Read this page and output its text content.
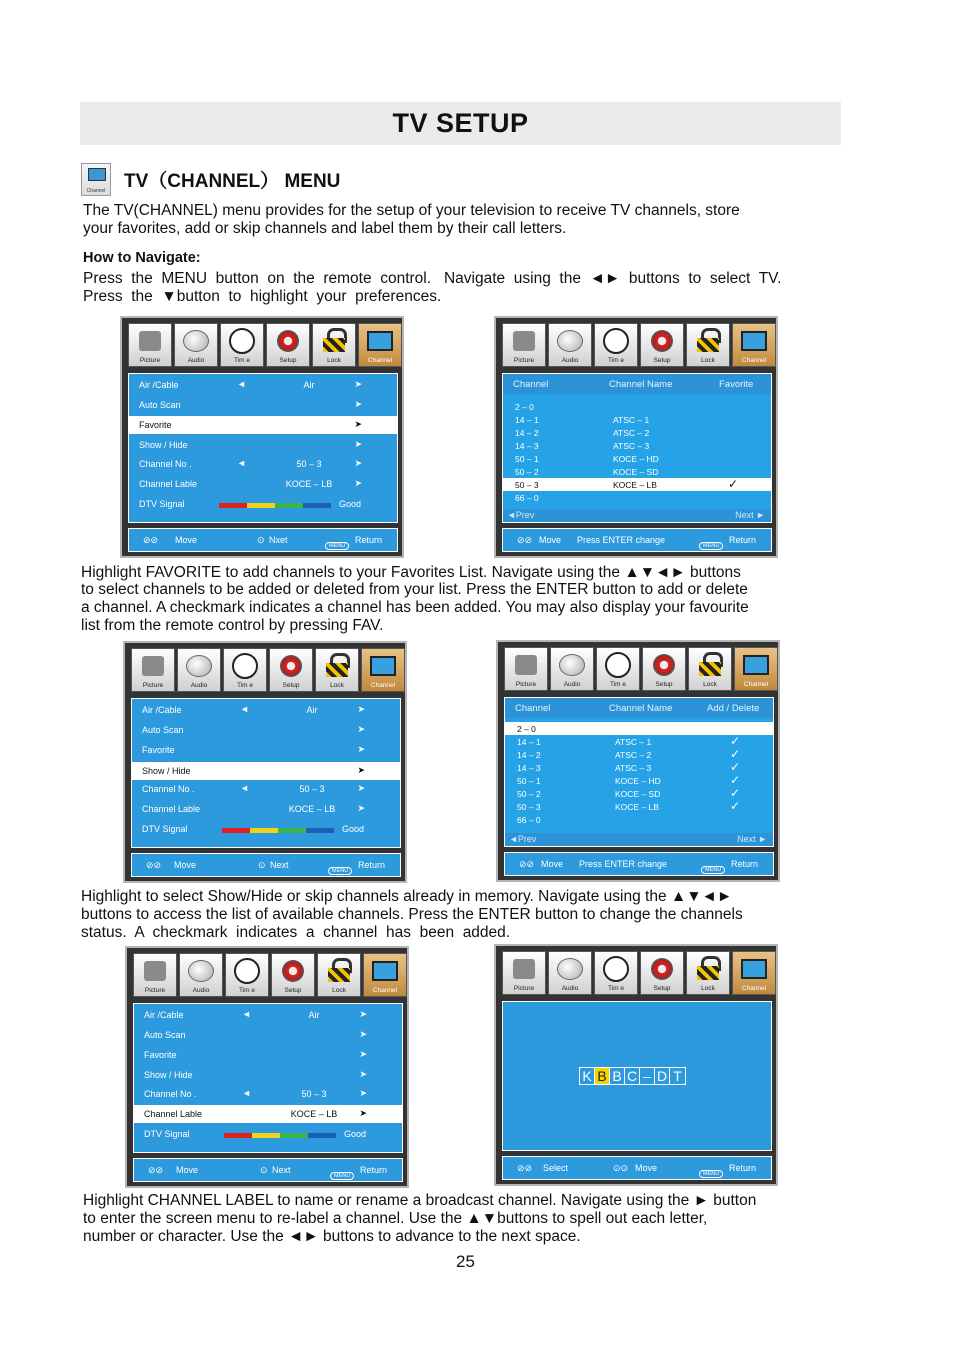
TV SETUP
Channel TV（CHANNEL） MENU
The TV(CHANNEL) menu provides for the setup of your television to receive TV channels, store
your favorites, add or skip channels and label them by their call letters.
How to Navigate:
Press  the  MENU  button  on  the  remote  control.   Navigate  using  the  ◄►  buttons  to  select  TV.
Press  the  ▼button  to  highlight  your  preferences.
Highlight FAVORITE to add channels to your Favorites List. Navigate using the ▲▼◄► buttons
to select channels to be added or deleted from your list. Press the ENTER button to add or delete
a channel. A checkmark indicates a channel has been added. You may also display your favourite
list from the remote control by pressing FAV.
Highlight to select Show/Hide or skip channels already in memory. Navigate using the ▲▼◄►
buttons to access the list of available channels. Press the ENTER button to change the channels
status.  A  checkmark  indicates  a  channel  has  been  added.
Highlight CHANNEL LABEL to name or rename a broadcast channel. Navigate using the ► button
to enter the screen menu to re-label a channel. Use the ▲▼buttons to spell out each letter,
number or character. Use the ◄► buttons to advance to the next space.
25
Picture	Audio	Tim e	Setup	Lock	Channel
Air /Cable	◄	Air	➤
Auto Scan	➤
Favorite	➤
Show / Hide	➤
Channel No .	◄	50 – 3	➤
Channel Lable	KOCE – LB	➤
DTV Signal	Good
⊘⊘ Move	⊙ Nxet
MENU
Return
Picture	Audio	Tim e	Setup	Lock	Channel
Channel	Channel Name	Favorite
2 – 0
14 – 1	ATSC – 1
14 – 2	ATSC – 2
14 – 3	ATSC – 3
50 – 1	KOCE – HD
50 – 2	KOCE – SD
50 – 3	KOCE – LB	✓
66 – 0
◄Prev	Next ►
⊘⊘ Move Press ENTER change
MENU
Return
Picture	Audio	Tim e	Setup	Lock	Channel
Air /Cable	◄	Air	➤
Auto Scan	➤
Favorite	➤
Show / Hide	➤
Channel No .	◄	50 – 3	➤
Channel Lable	KOCE – LB	➤
DTV Signal	Good
⊘⊘ Move	⊙ Next
MENU
Return
Picture	Audio	Tim e	Setup	Lock	Channel
Channel	Channel Name	Add / Delete
2 – 0
14 – 1	ATSC – 1	✓
14 – 2	ATSC – 2	✓
14 – 3	ATSC – 3	✓
50 – 1	KOCE – HD	✓
50 – 2	KOCE – SD	✓
50 – 3	KOCE – LB	✓
66 – 0
◄Prev	Next ►
⊘⊘ Move Press ENTER change
MENU
Return
Picture	Audio	Tim e	Setup	Lock	Channel
Air /Cable	◄	Air	➤
Auto Scan	➤
Favorite	➤
Show / Hide	➤
Channel No .	◄	50 – 3	➤
Channel Lable	KOCE – LB	➤
DTV Signal	Good
⊘⊘ Move	⊙ Next
MENU
Return
Picture	Audio	Tim e	Setup	Lock	Channel
K B B C – D T
⊘⊘ Select	⊙⊙ Move
MENU
Return
